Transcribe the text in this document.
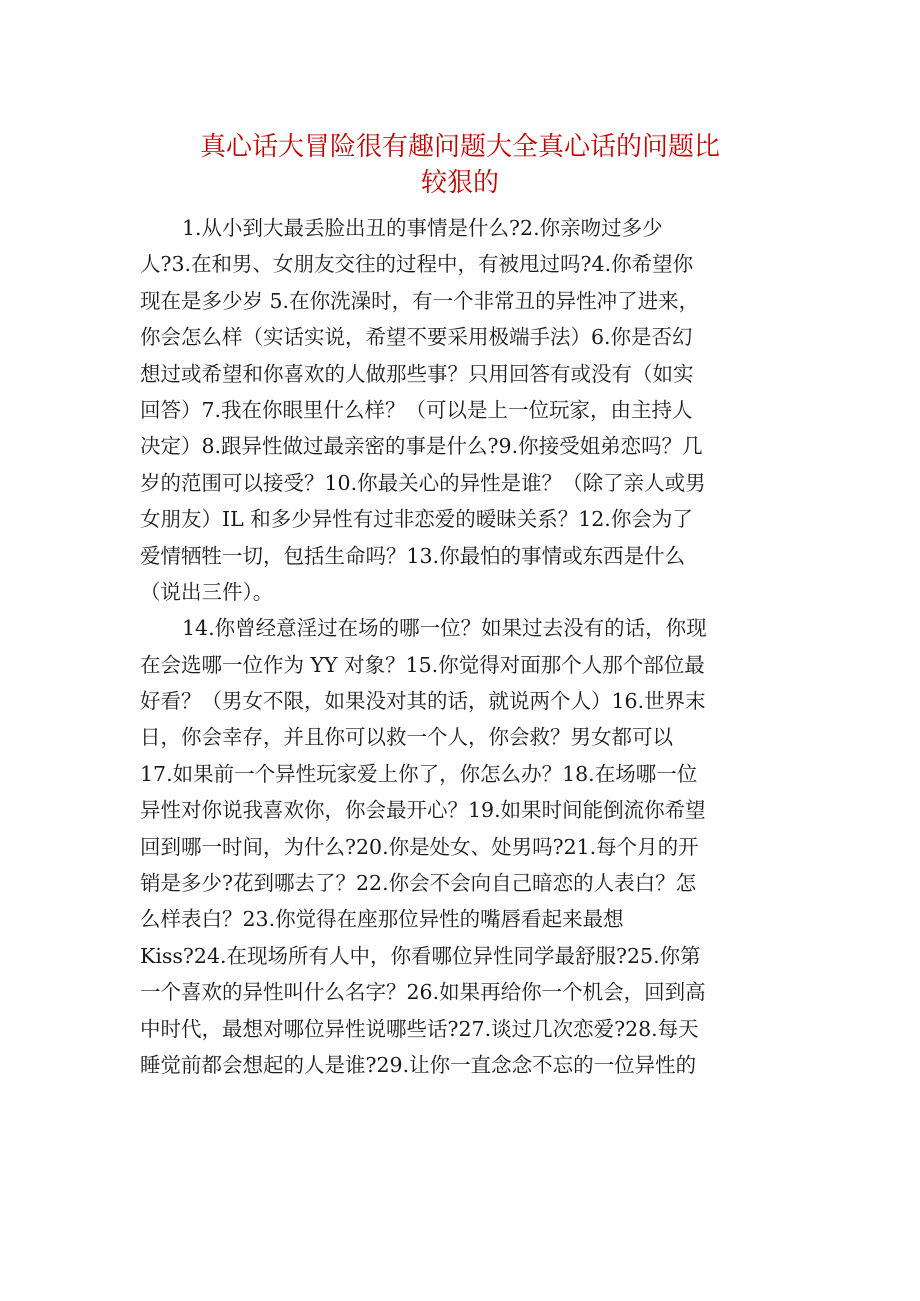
真心话大冒险很有趣问题大全真心话的问题比
较狠的
1.从小到大最丢脸出丑的事情是什么?2.你亲吻过多少
人?3.在和男、女朋友交往的过程中，有被甩过吗?4.你希望你
现在是多少岁 5.在你洗澡时，有一个非常丑的异性冲了进来，
你会怎么样（实话实说，希望不要采用极端手法）6.你是否幻
想过或希望和你喜欢的人做那些事？只用回答有或没有（如实
回答）7.我在你眼里什么样？（可以是上一位玩家，由主持人
决定）8.跟异性做过最亲密的事是什么?9.你接受姐弟恋吗？几
岁的范围可以接受？10.你最关心的异性是谁？（除了亲人或男
女朋友）IL 和多少异性有过非恋爱的暧昧关系？12.你会为了
爱情牺牲一切，包括生命吗？13.你最怕的事情或东西是什么
（说出三件）。
14.你曾经意淫过在场的哪一位？如果过去没有的话，你现
在会选哪一位作为 YY 对象？15.你觉得对面那个人那个部位最
好看？（男女不限，如果没对其的话，就说两个人）16.世界末
日，你会幸存，并且你可以救一个人，你会救？男女都可以
17.如果前一个异性玩家爱上你了，你怎么办？18.在场哪一位
异性对你说我喜欢你，你会最开心？19.如果时间能倒流你希望
回到哪一时间，为什么?20.你是处女、处男吗?21.每个月的开
销是多少?花到哪去了？22.你会不会向自己暗恋的人表白？怎
么样表白？23.你觉得在座那位异性的嘴唇看起来最想
Kiss?24.在现场所有人中，你看哪位异性同学最舒服?25.你第
一个喜欢的异性叫什么名字？26.如果再给你一个机会，回到高
中时代，最想对哪位异性说哪些话?27.谈过几次恋爱?28.每天
睡觉前都会想起的人是谁?29.让你一直念念不忘的一位异性的
